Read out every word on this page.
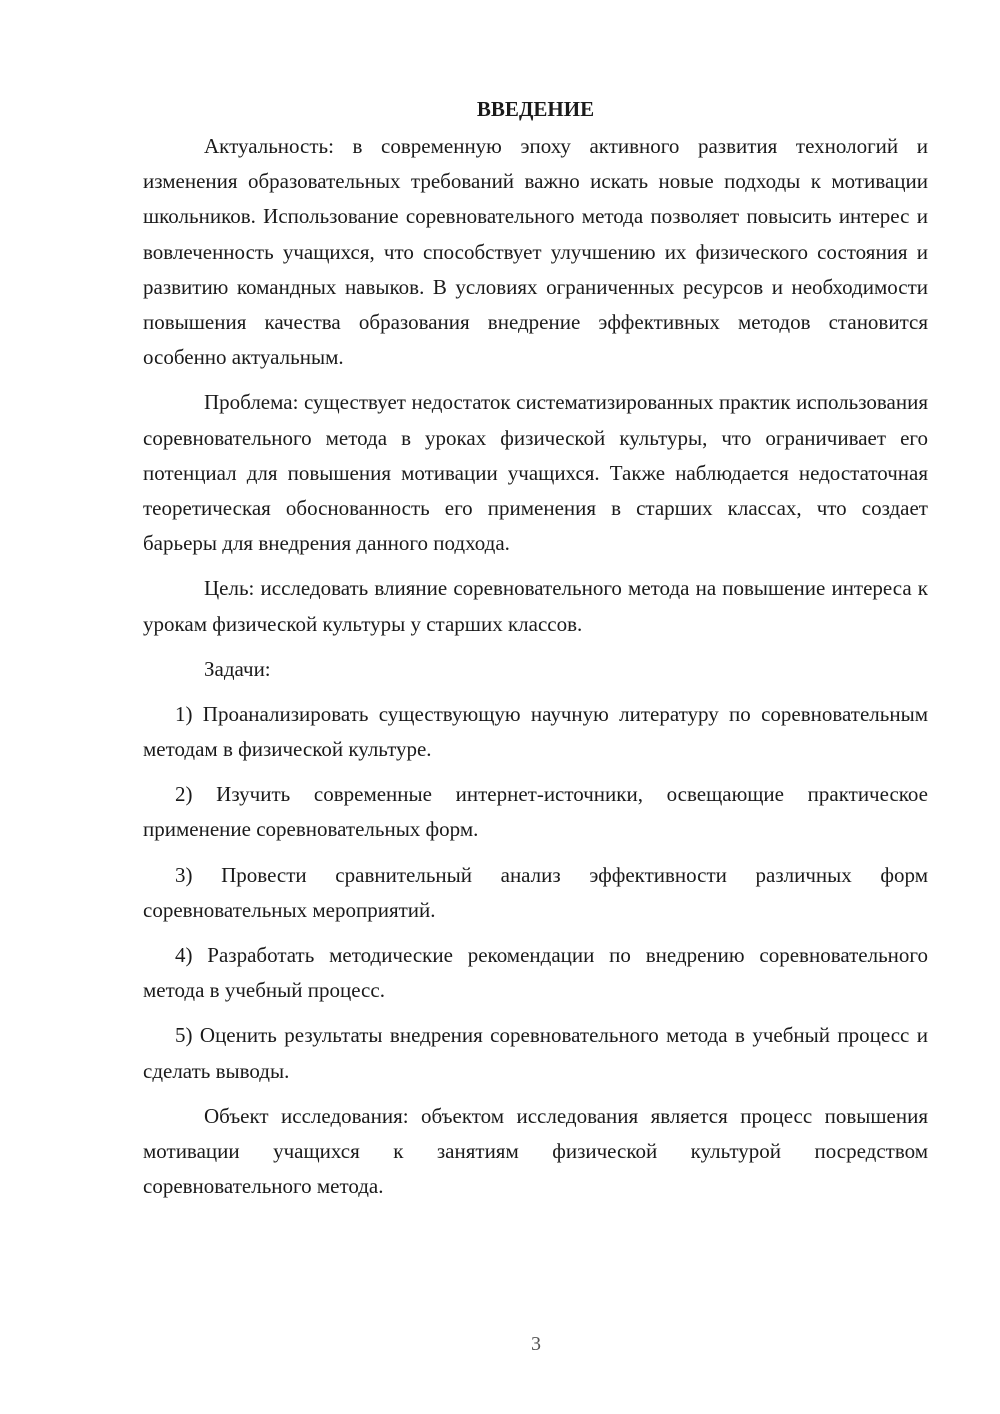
ВВЕДЕНИЕ

Актуальность: в современную эпоху активного развития технологий и изменения образовательных требований важно искать новые подходы к мотивации школьников. Использование соревновательного метода позволяет повысить интерес и вовлеченность учащихся, что способствует улучшению их физического состояния и развитию командных навыков. В условиях ограниченных ресурсов и необходимости повышения качества образования внедрение эффективных методов становится особенно актуальным.

Проблема: существует недостаток систематизированных практик использования соревновательного метода в уроках физической культуры, что ограничивает его потенциал для повышения мотивации учащихся. Также наблюдается недостаточная теоретическая обоснованность его применения в старших классах, что создает барьеры для внедрения данного подхода.

Цель: исследовать влияние соревновательного метода на повышение интереса к урокам физической культуры у старших классов.

Задачи:

1) Проанализировать существующую научную литературу по соревновательным методам в физической культуре.

2) Изучить современные интернет-источники, освещающие практическое применение соревновательных форм.

3) Провести сравнительный анализ эффективности различных форм соревновательных мероприятий.

4) Разработать методические рекомендации по внедрению соревновательного метода в учебный процесс.

5) Оценить результаты внедрения соревновательного метода в учебный процесс и сделать выводы.

Объект исследования: объектом исследования является процесс повышения мотивации учащихся к занятиям физической культурой посредством соревновательного метода.

3
